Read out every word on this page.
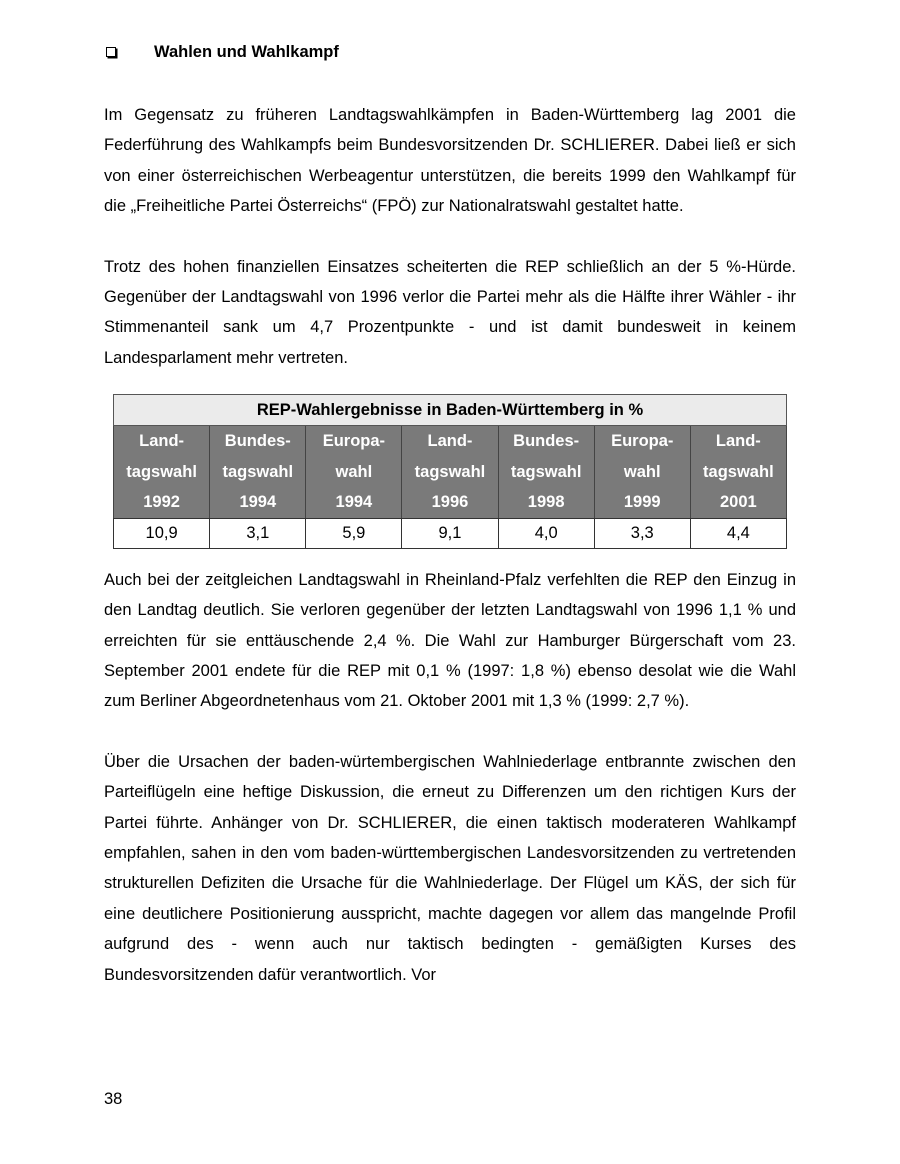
Wahlen und Wahlkampf

Im Gegensatz zu früheren Landtagswahlkämpfen in Baden-Württemberg lag 2001 die Federführung des Wahlkampfs beim Bundesvorsitzenden Dr. SCHLIERER. Dabei ließ er sich von einer österreichischen Werbeagentur unterstützen, die bereits 1999 den Wahlkampf für die „Freiheitliche Partei Österreichs“ (FPÖ) zur Nationalratswahl gestaltet hatte.

Trotz des hohen finanziellen Einsatzes scheiterten die REP schließlich an der 5 %-Hürde. Gegenüber der Landtagswahl von 1996 verlor die Partei mehr als die Hälfte ihrer Wähler - ihr Stimmenanteil sank um 4,7 Prozentpunkte - und ist damit bundesweit in keinem Landesparlament mehr vertreten.

REP-Wahlergebnisse in Baden-Württemberg in %						
Land-
tagswahl
1992	Bundes-
tagswahl
1994	Europa-
wahl
1994	Land-
tagswahl
1996	Bundes-
tagswahl
1998	Europa-
wahl
1999	Land-
tagswahl
2001
10,9	3,1	5,9	9,1	4,0	3,3	4,4

Auch bei der zeitgleichen Landtagswahl in Rheinland-Pfalz verfehlten die REP den Einzug in den Landtag deutlich. Sie verloren gegenüber der letzten Landtagswahl von 1996 1,1 % und erreichten für sie enttäuschende 2,4 %. Die Wahl zur Hamburger Bürgerschaft vom 23. September 2001 endete für die REP mit 0,1 % (1997: 1,8 %) ebenso desolat wie die Wahl zum Berliner Abgeordnetenhaus vom 21. Oktober 2001 mit 1,3 % (1999: 2,7 %).

Über die Ursachen der baden-würtembergischen Wahlniederlage entbrannte zwischen den Parteiflügeln eine heftige Diskussion, die erneut zu Differenzen um den richtigen Kurs der Partei führte. Anhänger von Dr. SCHLIERER, die einen taktisch moderateren Wahlkampf empfahlen, sahen in den vom baden-württembergischen Landesvorsitzenden zu vertretenden strukturellen Defiziten die Ursache für die Wahlniederlage. Der Flügel um KÄS, der sich für eine deutlichere Positionierung ausspricht, machte dagegen vor allem das mangelnde Profil aufgrund des - wenn auch nur taktisch bedingten - gemäßigten Kurses des Bundesvorsitzenden dafür verantwortlich. Vor

38
